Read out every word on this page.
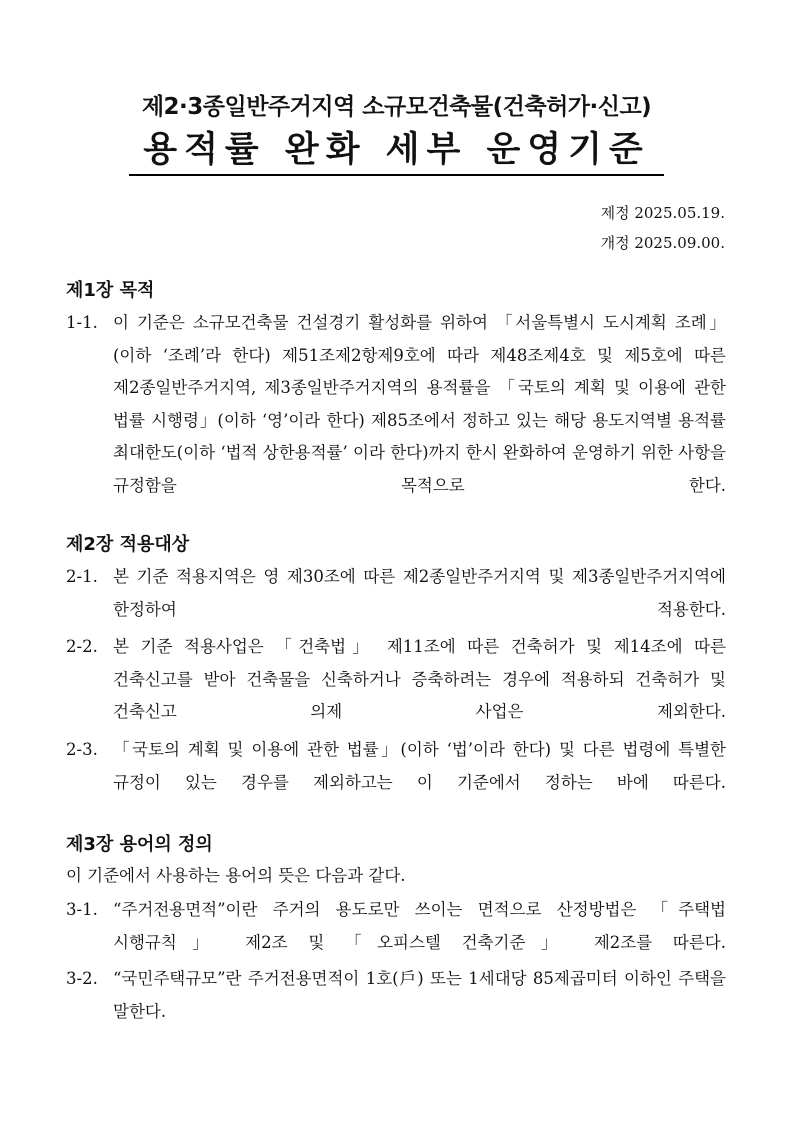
제2·3종일반주거지역 소규모건축물(건축허가·신고)
용적률 완화 세부 운영기준
제정 2025.05.19.
개정 2025.09.00.
제1장 목적
1-1. 이 기준은 소규모건축물 건설경기 활성화를 위하여 「서울특별시 도시계획 조례」(이하 ‘조례’라 한다) 제51조제2항제9호에 따라 제48조제4호 및 제5호에 따른 제2종일반주거지역, 제3종일반주거지역의 용적률을 「국토의 계획 및 이용에 관한 법률 시행령」(이하 ‘영’이라 한다) 제85조에서 정하고 있는 해당 용도지역별 용적률 최대한도(이하 ‘법적 상한용적률’ 이라 한다)까지 한시 완화하여 운영하기 위한 사항을 규정함을 목적으로 한다.
제2장 적용대상
2-1. 본 기준 적용지역은 영 제30조에 따른 제2종일반주거지역 및 제3종일반주거지역에 한정하여 적용한다.
2-2. 본 기준 적용사업은 「건축법」 제11조에 따른 건축허가 및 제14조에 따른 건축신고를 받아 건축물을 신축하거나 증축하려는 경우에 적용하되 건축허가 및 건축신고 의제 사업은 제외한다.
2-3. 「국토의 계획 및 이용에 관한 법률」(이하 ‘법’이라 한다) 및 다른 법령에 특별한 규정이 있는 경우를 제외하고는 이 기준에서 정하는 바에 따른다.
제3장 용어의 정의
이 기준에서 사용하는 용어의 뜻은 다음과 같다.
3-1. “주거전용면적”이란 주거의 용도로만 쓰이는 면적으로 산정방법은 「주택법 시행규칙」 제2조 및 「오피스텔 건축기준」 제2조를 따른다.
3-2. “국민주택규모”란 주거전용면적이 1호(戶) 또는 1세대당 85제곱미터 이하인 주택을 말한다.
